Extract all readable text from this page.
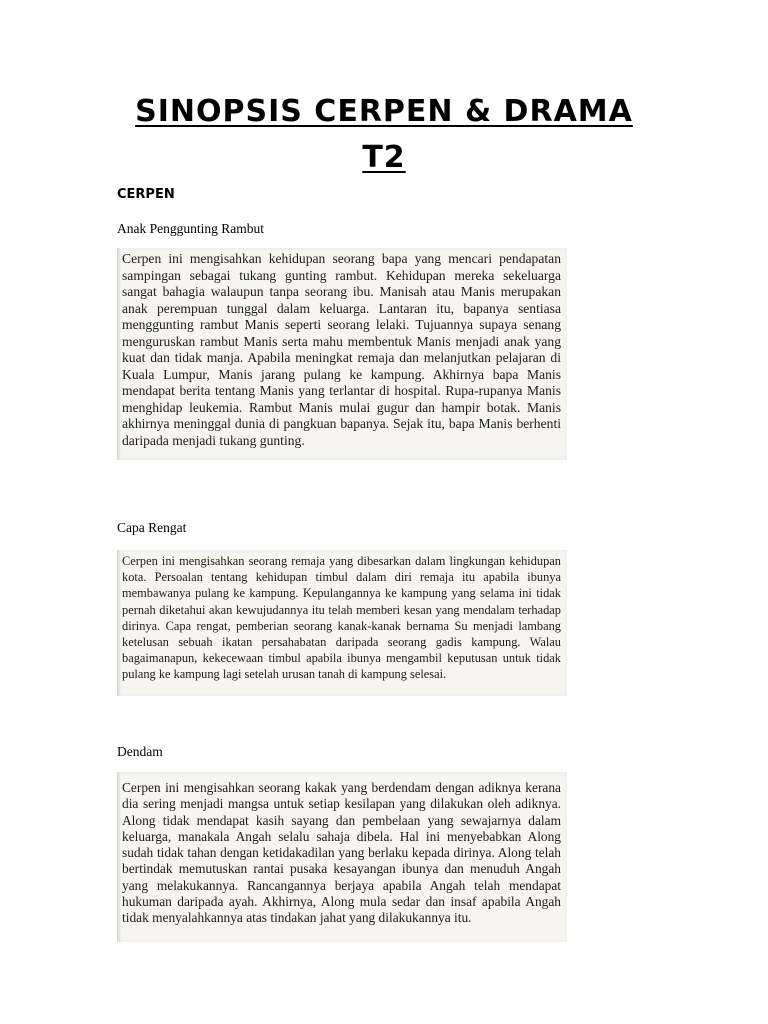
SINOPSIS CERPEN & DRAMA
T2
CERPEN
Anak Penggunting Rambut
Cerpen ini mengisahkan kehidupan seorang bapa yang mencari pendapatan sampingan sebagai tukang gunting rambut. Kehidupan mereka sekeluarga sangat bahagia walaupun tanpa seorang ibu. Manisah atau Manis merupakan anak perempuan tunggal dalam keluarga. Lantaran itu, bapanya sentiasa menggunting rambut Manis seperti seorang lelaki. Tujuannya supaya senang menguruskan rambut Manis serta mahu membentuk Manis menjadi anak yang kuat dan tidak manja. Apabila meningkat remaja dan melanjutkan pelajaran di Kuala Lumpur, Manis jarang pulang ke kampung. Akhirnya bapa Manis mendapat berita tentang Manis yang terlantar di hospital. Rupa-rupanya Manis menghidap leukemia. Rambut Manis mulai gugur dan hampir botak. Manis akhirnya meninggal dunia di pangkuan bapanya. Sejak itu, bapa Manis berhenti daripada menjadi tukang gunting.
Capa Rengat
Cerpen ini mengisahkan seorang remaja yang dibesarkan dalam lingkungan kehidupan kota. Persoalan tentang kehidupan timbul dalam diri remaja itu apabila ibunya membawanya pulang ke kampung. Kepulangannya ke kampung yang selama ini tidak pernah diketahui akan kewujudannya itu telah memberi kesan yang mendalam terhadap dirinya. Capa rengat, pemberian seorang kanak-kanak bernama Su menjadi lambang ketelusan sebuah ikatan persahabatan daripada seorang gadis kampung. Walau bagaimanapun, kekecewaan timbul apabila ibunya mengambil keputusan untuk tidak pulang ke kampung lagi setelah urusan tanah di kampung selesai.
Dendam
Cerpen ini mengisahkan seorang kakak yang berdendam dengan adiknya kerana dia sering menjadi mangsa untuk setiap kesilapan yang dilakukan oleh adiknya. Along tidak mendapat kasih sayang dan pembelaan yang sewajarnya dalam keluarga, manakala Angah selalu sahaja dibela. Hal ini menyebabkan Along sudah tidak tahan dengan ketidakadilan yang berlaku kepada dirinya. Along telah bertindak memutuskan rantai pusaka kesayangan ibunya dan menuduh Angah yang melakukannya. Rancangannya berjaya apabila Angah telah mendapat hukuman daripada ayah. Akhirnya, Along mula sedar dan insaf apabila Angah tidak menyalahkannya atas tindakan jahat yang dilakukannya itu.
